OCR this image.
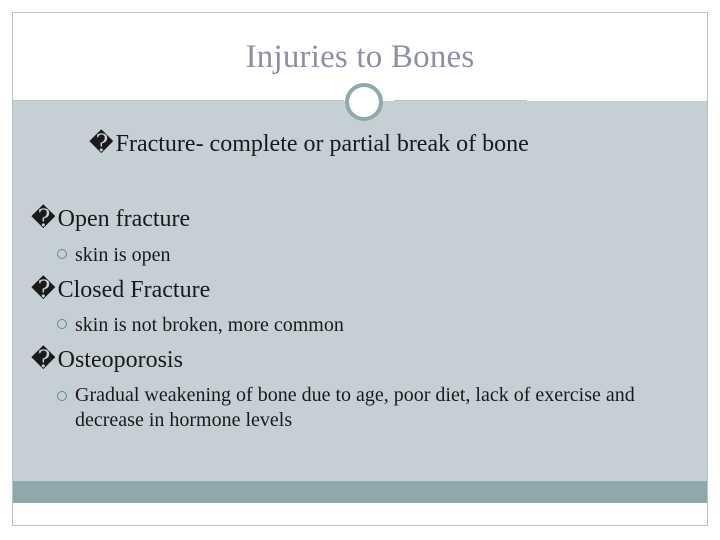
Injuries to Bones
�Fracture- complete or partial break of bone
�Open fracture
skin is open
�Closed Fracture
skin is not broken, more common
�Osteoporosis
Gradual weakening of bone due to age, poor diet, lack of exercise and decrease in hormone levels
